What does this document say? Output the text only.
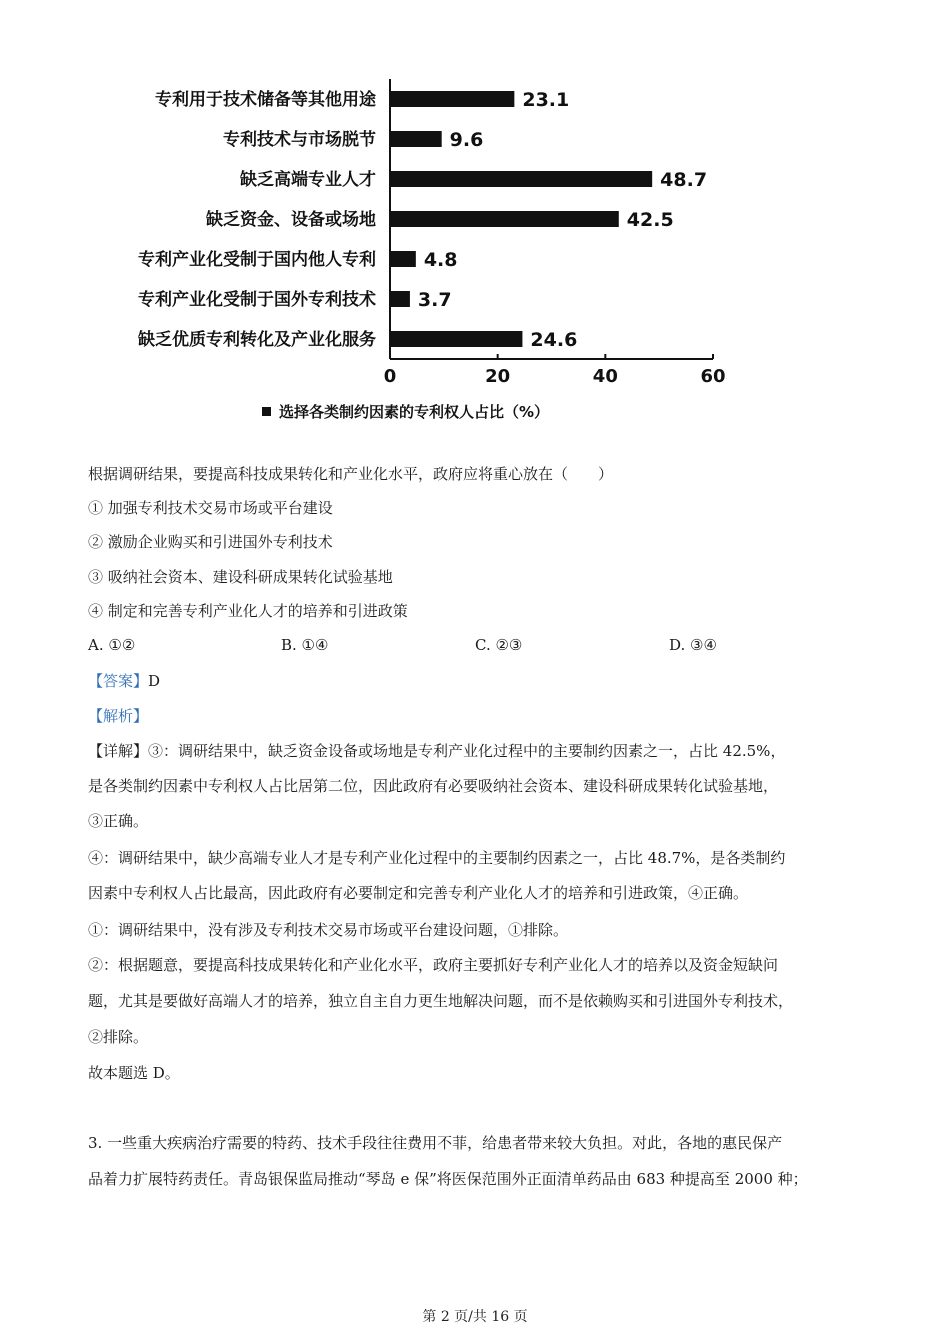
专利用于技术储备等其他用途
专利技术与市场脱节
缺乏高端专业人才
缺乏资金、设备或场地
专利产业化受制于国内他人专利
专利产业化受制于国外专利技术
缺乏优质专利转化及产业化服务
23.1
9.6
48.7
42.5
4.8
3.7
24.6
0	20	40	60
选择各类制约因素的专利权人占比（%）
根据调研结果，要提高科技成果转化和产业化水平，政府应将重心放在（　　）
① 加强专利技术交易市场或平台建设
② 激励企业购买和引进国外专利技术
③ 吸纳社会资本、建设科研成果转化试验基地
④ 制定和完善专利产业化人才的培养和引进政策
A. ①②	B. ①④	C. ②③	D. ③④
【答案】D
【解析】
【详解】③：调研结果中，缺乏资金设备或场地是专利产业化过程中的主要制约因素之一，占比 42.5%，
是各类制约因素中专利权人占比居第二位，因此政府有必要吸纳社会资本、建设科研成果转化试验基地，
③正确。
④：调研结果中，缺少高端专业人才是专利产业化过程中的主要制约因素之一，占比 48.7%，是各类制约
因素中专利权人占比最高，因此政府有必要制定和完善专利产业化人才的培养和引进政策，④正确。
①：调研结果中，没有涉及专利技术交易市场或平台建设问题，①排除。
②：根据题意，要提高科技成果转化和产业化水平，政府主要抓好专利产业化人才的培养以及资金短缺问
题，尤其是要做好高端人才的培养，独立自主自力更生地解决问题，而不是依赖购买和引进国外专利技术，
②排除。
故本题选 D。
3. 一些重大疾病治疗需要的特药、技术手段往往费用不菲，给患者带来较大负担。对此，各地的惠民保产
品着力扩展特药责任。青岛银保监局推动“琴岛 e 保”将医保范围外正面清单药品由 683 种提高至 2000 种；
第 2 页/共 16 页
